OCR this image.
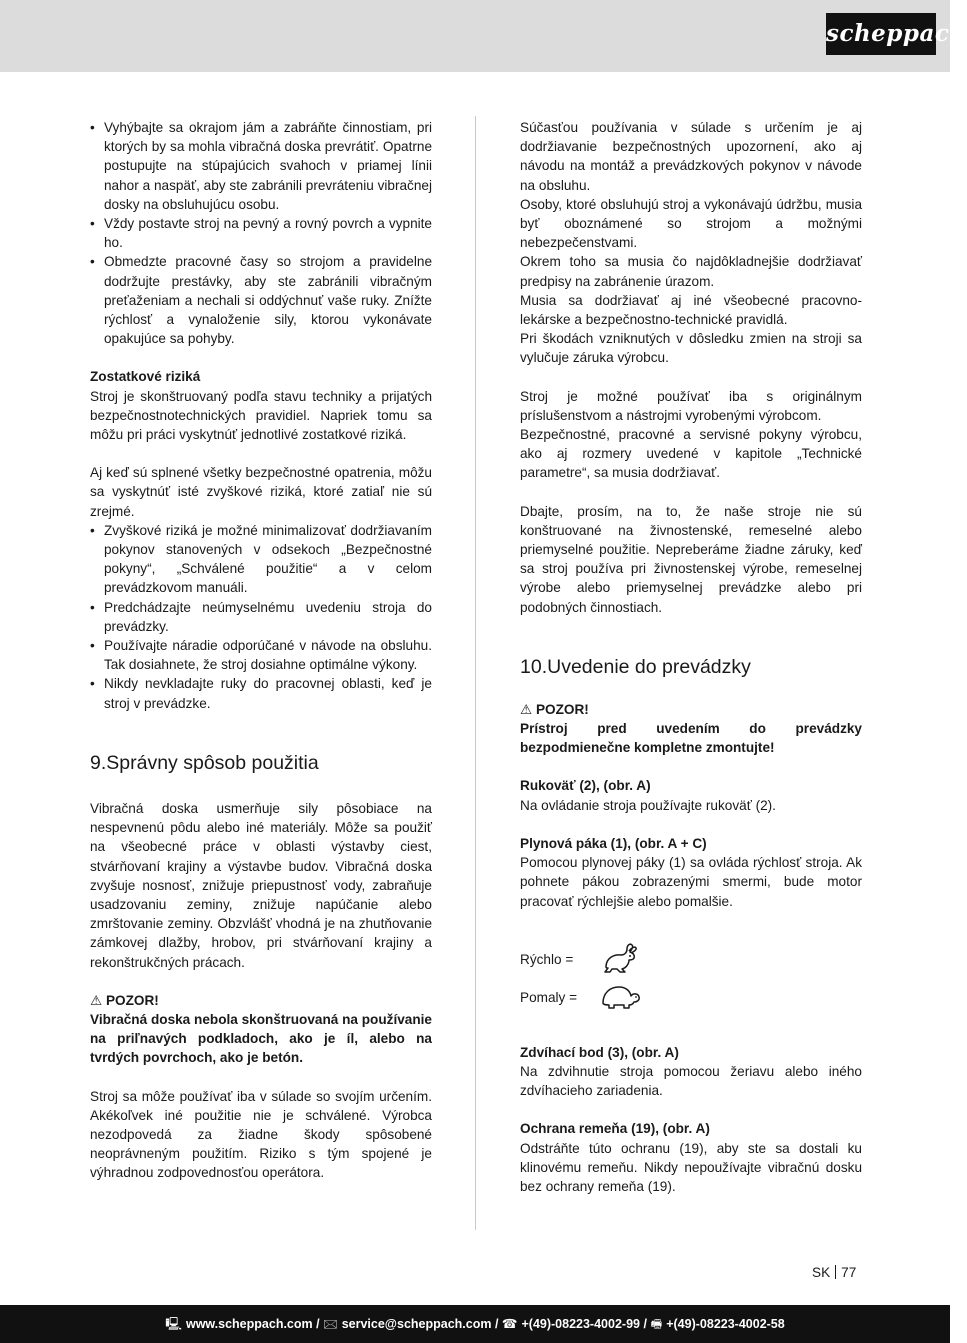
scheppach
• Vyhýbajte sa okrajom jám a zabráňte činnostiam, pri ktorých by sa mohla vibračná doska prevrátiť. Opatrne postupujte na stúpajúcich svahoch v priamej línii nahor a naspäť, aby ste zabránili prevráteniu vibračnej dosky na obsluhujúcu osobu.
• Vždy postavte stroj na pevný a rovný povrch a vypnite ho.
• Obmedzte pracovné časy so strojom a pravidelne dodržujte prestávky, aby ste zabránili vibračným preťaženiam a nechali si oddýchnuť vaše ruky. Znížte rýchlosť a vynaloženie sily, ktorou vykonávate opakujúce sa pohyby.

Zostatkové riziká

Stroj je skonštruovaný podľa stavu techniky a prijatých bezpečnostnotechnických pravidiel. Napriek tomu sa môžu pri práci vyskytnúť jednotlivé zostatkové riziká.

Aj keď sú splnené všetky bezpečnostné opatrenia, môžu sa vyskytnúť isté zvyškové riziká, ktoré zatiaľ nie sú zrejmé.

• Zvyškové riziká je možné minimalizovať dodržiavaním pokynov stanovených v odsekoch „Bezpečnostné pokyny“, „Schválené použitie“ a v celom prevádzkovom manuáli.
• Predchádzajte neúmyselnému uvedeniu stroja do prevádzky.
• Používajte náradie odporúčané v návode na obsluhu. Tak dosiahnete, že stroj dosiahne optimálne výkony.
• Nikdy nevkladajte ruky do pracovnej oblasti, keď je stroj v prevádzke.
9.Správny spôsob použitia

Vibračná doska usmerňuje sily pôsobiace na nespevnenú pôdu alebo iné materiály. Môže sa použiť na všeobecné práce v oblasti výstavby ciest, stvárňovaní krajiny a výstavbe budov. Vibračná doska zvyšuje nosnosť, znižuje priepustnosť vody, zabraňuje usadzovaniu zeminy, znižuje napúčanie alebo zmrštovanie zeminy. Obzvlášť vhodná je na zhutňovanie zámkovej dlažby, hrobov, pri stvárňovaní krajiny a rekonštrukčných prácach.

⚠ POZOR!

Vibračná doska nebola skonštruovaná na používanie na priľnavých podkladoch, ako je íl, alebo na tvrdých povrchoch, ako je betón.

Stroj sa môže používať iba v súlade so svojím určením. Akékoľvek iné použitie nie je schválené. Výrobca nezodpovedá za žiadne škody spôsobené neoprávneným použitím. Riziko s tým spojené je výhradnou zodpovednosťou operátora.

Súčasťou používania v súlade s určením je aj dodržiavanie bezpečnostných upozornení, ako aj návodu na montáž a prevádzkových pokynov v návode na obsluhu.

Osoby, ktoré obsluhujú stroj a vykonávajú údržbu, musia byť oboznámené so strojom a možnými nebezpečenstvami.

Okrem toho sa musia čo najdôkladnejšie dodržiavať predpisy na zabránenie úrazom.

Musia sa dodržiavať aj iné všeobecné pracovno-lekárske a bezpečnostno-technické pravidlá.

Pri škodách vzniknutých v dôsledku zmien na stroji sa vylučuje záruka výrobcu.

Stroj je možné používať iba s originálnym príslušenstvom a nástrojmi vyrobenými výrobcom.

Bezpečnostné, pracovné a servisné pokyny výrobcu, ako aj rozmery uvedené v kapitole „Technické parametre“, sa musia dodržiavať.

Dbajte, prosím, na to, že naše stroje nie sú konštruované na živnostenské, remeselné alebo priemyselné použitie. Nepreberáme žiadne záruky, keď sa stroj používa pri živnostenskej výrobe, remeselnej výrobe alebo priemyselnej prevádzke alebo pri podobných činnostiach.

10.Uvedenie do prevádzky

⚠ POZOR!

Prístroj pred uvedením do prevádzky bezpodmienečne kompletne zmontujte!

Rukoväť (2), (obr. A)

Na ovládanie stroja používajte rukoväť (2).

Plynová páka (1), (obr. A + C)

Pomocou plynovej páky (1) sa ovláda rýchlosť stroja. Ak pohnete pákou zobrazenými smermi, bude motor pracovať rýchlejšie alebo pomalšie.

Rýchlo =
Pomaly =

Zdvíhací bod (3), (obr. A)

Na zdvihnutie stroja pomocou žeriavu alebo iného zdvíhacieho zariadenia.

Ochrana remeňa (19), (obr. A)

Odstráňte túto ochranu (19), aby ste sa dostali ku klinovému remeňu. Nikdy nepoužívajte vibračnú dosku bez ochrany remeňa (19).

SK 77
🖳 www.scheppach.com / 🖂 service@scheppach.com / ☎ +(49)-08223-4002-99 / 🖷 +(49)-08223-4002-58
